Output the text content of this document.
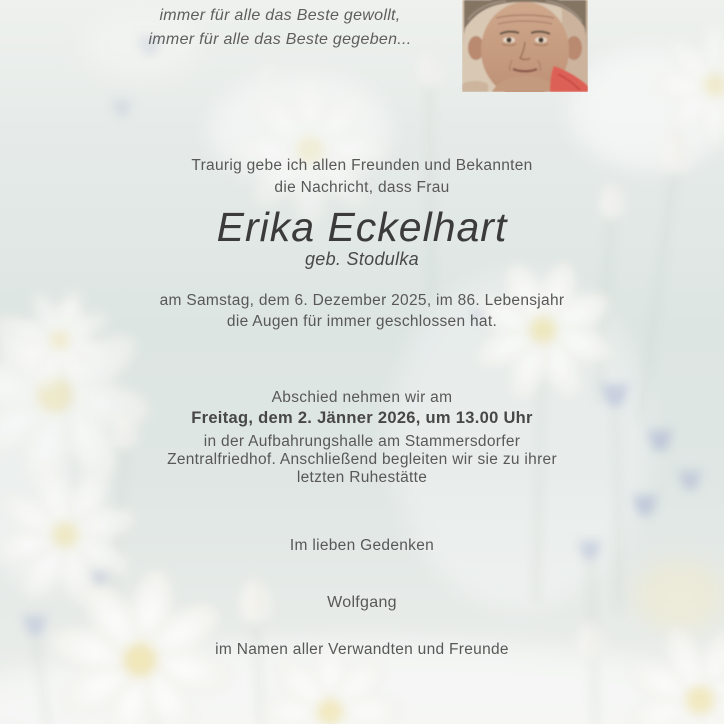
immer für alle das Beste gewollt,
immer für alle das Beste gegeben...
Traurig gebe ich allen Freunden und Bekannten
die Nachricht, dass Frau
Erika Eckelhart
geb. Stodulka
am Samstag, dem 6. Dezember 2025, im 86. Lebensjahr
die Augen für immer geschlossen hat.
Abschied nehmen wir am
Freitag, dem 2. Jänner 2026, um 13.00 Uhr
in der Aufbahrungshalle am Stammersdorfer
Zentralfriedhof. Anschließend begleiten wir sie zu ihrer
letzten Ruhestätte
Im lieben Gedenken
Wolfgang
im Namen aller Verwandten und Freunde
